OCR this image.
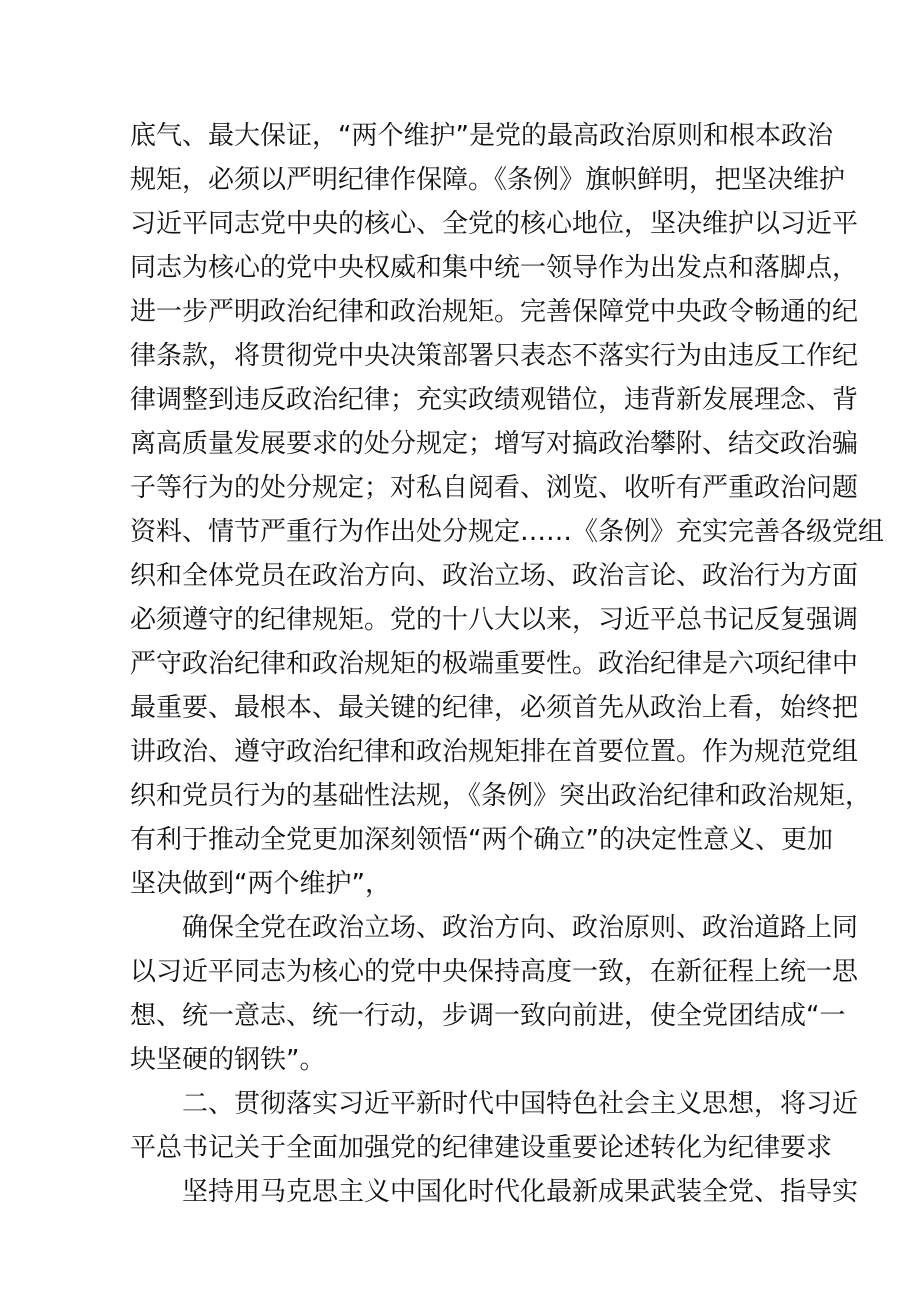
底气、最大保证，“两个维护”是党的最高政治原则和根本政治
规矩，必须以严明纪律作保障。《条例》旗帜鲜明，把坚决维护
习近平同志党中央的核心、全党的核心地位，坚决维护以习近平
同志为核心的党中央权威和集中统一领导作为出发点和落脚点，
进一步严明政治纪律和政治规矩。完善保障党中央政令畅通的纪
律条款，将贯彻党中央决策部署只表态不落实行为由违反工作纪
律调整到违反政治纪律；充实政绩观错位，违背新发展理念、背
离高质量发展要求的处分规定；增写对搞政治攀附、结交政治骗
子等行为的处分规定；对私自阅看、浏览、收听有严重政治问题
资料、情节严重行为作出处分规定……《条例》充实完善各级党组
织和全体党员在政治方向、政治立场、政治言论、政治行为方面
必须遵守的纪律规矩。党的十八大以来，习近平总书记反复强调
严守政治纪律和政治规矩的极端重要性。政治纪律是六项纪律中
最重要、最根本、最关键的纪律，必须首先从政治上看，始终把
讲政治、遵守政治纪律和政治规矩排在首要位置。作为规范党组
织和党员行为的基础性法规，《条例》突出政治纪律和政治规矩，
有利于推动全党更加深刻领悟“两个确立”的决定性意义、更加
坚决做到“两个维护”，
确保全党在政治立场、政治方向、政治原则、政治道路上同
以习近平同志为核心的党中央保持高度一致，在新征程上统一思
想、统一意志、统一行动，步调一致向前进，使全党团结成“一
块坚硬的钢铁”。
二、贯彻落实习近平新时代中国特色社会主义思想，将习近
平总书记关于全面加强党的纪律建设重要论述转化为纪律要求
坚持用马克思主义中国化时代化最新成果武装全党、指导实
